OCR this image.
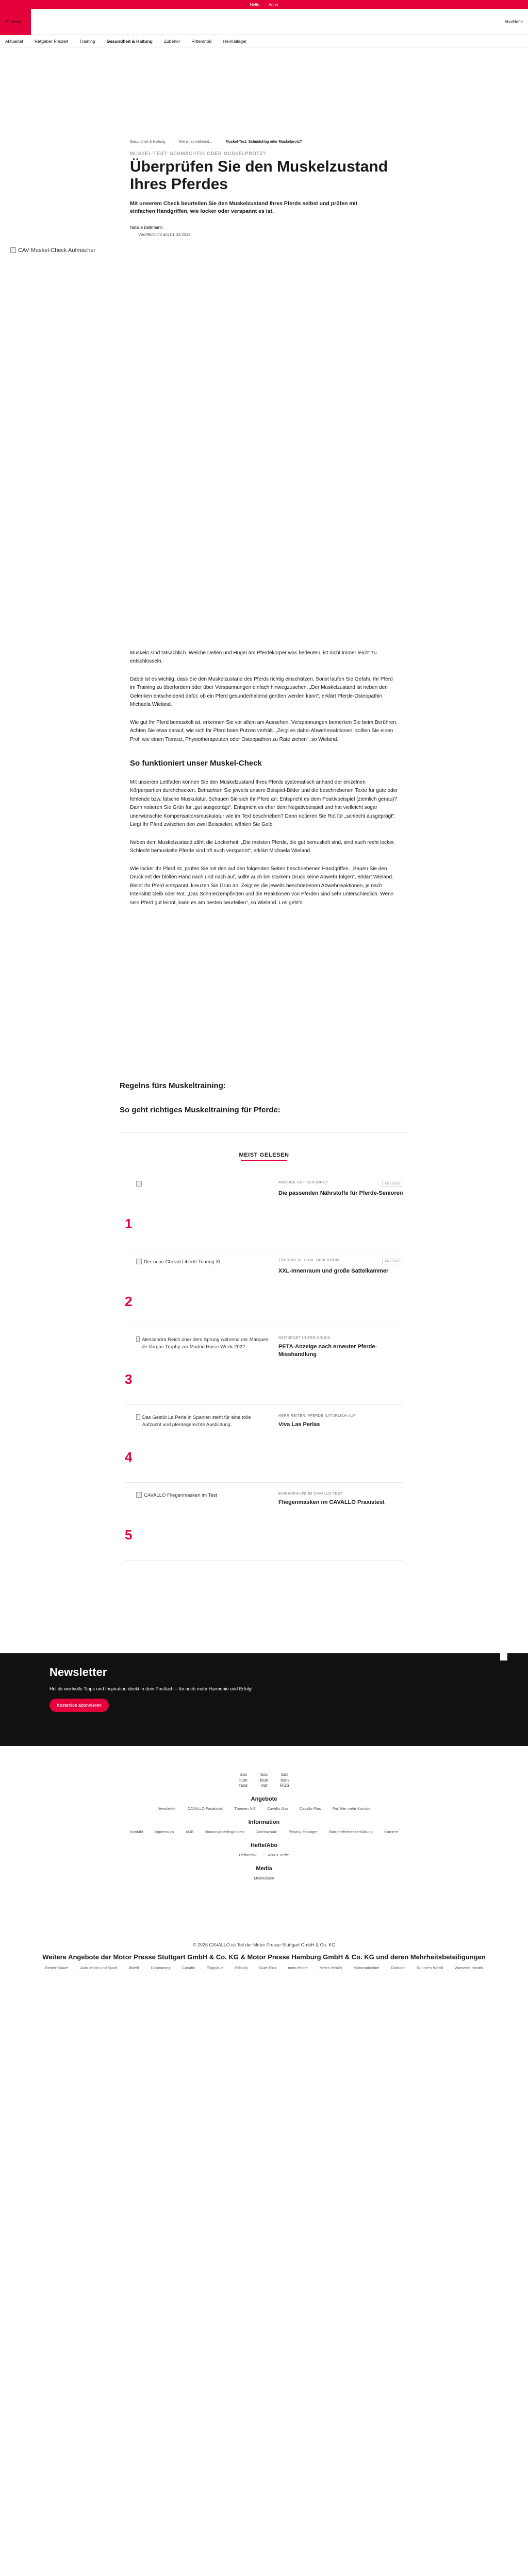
Hello Aqua
☰ Menü	Abo/Hefte
Aktualität	Ratgeber Freizeit	Training	Gesundheit & Haltung	Zubehör	Rittersnöß	Heimatlager
Gesundheit & Haltung	Wie ist es während...	Muskel-Test: Schmächtig oder Muskelprotz?
MUSKEL-TEST: SCHMÄCHTIG ODER MUSKELPROTZ?
Überprüfen Sie den Muskelzustand Ihres Pferdes

Mit unserem Check beurteilen Sie den Muskelzustand Ihres Pferds selbst und prüfen mit einfachen Handgriffen, wie locker oder verspannt es ist.

Natalie Baltrmann
Veröffentlicht am 01.03.2018
CAV Muskel-Check Aufmacher

Muskeln sind tätsächlich. Welche Dellen und Hügel am Pferdekörper was bedeuten, ist nicht immer leicht zu entschlüsseln.

Dabei ist es wichtig, dass Sie den Muskelzustand des Pferds richtig einschätzen. Sonst laufen Sie Gefahr, Ihr Pferd im Training zu überfordern oder über Verspannungen einfach hinwegzusehen. „Der Muskelzustand ist neben den Gelenken entscheidend dafür, ob ein Pferd gesunderhaltend geritten werden kann“, erklärt Pferde-Osteopathin Michaela Wieland.

Wie gut Ihr Pferd bemuskelt ist, erkennen Sie vor allem am Aussehen, Verspannungen bemerken Sie beim Berühren. Achten Sie etwa darauf, wie sich Ihr Pferd beim Putzen verhält. „Zeigt es dabei Abwehrreaktionen, sollten Sie einen Profi wie einen Tierarzt, Physiotherapeuten oder Osteopathen zu Rate ziehen“, so Wieland.

So funktioniert unser Muskel-Check

Mit unserem Leitfaden können Sie den Muskelzustand Ihres Pferds systematisch anhand der einzelnen Körperpartien durchchecken. Betrachten Sie jeweils unsere Beispiel-Bilder und die beschriebenen Texte für gute oder fehlende bzw. falsche Muskulatur. Schauen Sie sich Ihr Pferd an: Entspricht es dem Positivbeispiel (ziemlich genau)? Dann notieren Sie Grün für „gut ausgeprägt“. Entspricht es eher dem Negativbeispiel und hat vielleicht sogar unerwünschte Kompensationsmuskulatur wie im Text beschrieben? Dann notieren Sie Rot für „schlecht ausgeprägt“. Liegt Ihr Pferd zwischen den zwei Beispielen, wählen Sie Gelb.

Neben dem Muskelzustand zählt die Lockerheit. „Die meisten Pferde, die gut bemuskelt sind, sind auch recht locker. Schlecht bemuskelte Pferde sind oft auch verspannt“, erklärt Michaela Wieland.

Wie locker Ihr Pferd ist, prüfen Sie mit den auf den folgenden Seiten beschriebenen Handgriffen. „Bauen Sie den Druck mit der blöllen Hand nach und nach auf, sollte auch bei starkem Druck keine Abwehr folgen“, erklärt Wieland. Bleibt Ihr Pferd entspannt, kreuzen Sie Grün an. Zeigt es die jeweils beschriebenen Abwehrreaktionen, je nach Intensität Gelb oder Rot. „Das Schmerzempfinden und die Reaktionen von Pferden sind sehr unterschiedlich. Wenn sein Pferd gut leinnt, kann es am besten beurteilen“, so Wieland. Los geht’s.

Regelns fürs Muskeltraining:
So geht richtiges Muskeltraining für Pferde:
MEIST GELESEN
1
ANZEIGE GUT VERSORGT	ANZEIGE
Die passenden Nährstoffe für Pferde-Senioren
2
Der neue Cheval Liberté Touring XL	TOURING XL + XXL TACK ROOM	ANZEIGE
XXL-Innenraum und große Sattelkammer
3
Alessandra Reich über dem Sprung während der Marques de Vargas Trophy zur Madrid Horse Week 2022
REITSPORT UNTER DRUCK
PETA-Anzeige nach erneuter Pferde-Misshandlung
4
Das Gestüt La Perla in Spanien steht für eine tolle Aufzucht und pferdegerechte Ausbildung.
HERR REITER: PFERDE NATÜRLICH AUF
Viva Las Perlas
5
CAVALLO Fliegenmasken im Test	EINKAUFHILFE IM CAVALLO-TEST
Fliegenmasken im CAVALLO Praxistest
Newsletter
Hol dir wertvolle Tipps und Inspiration direkt in dein Postfach – für noch mehr Harmonie und Erfolg!
Kostenlos abonnieren
Soc Icon face
Soc Icon inst
Soc Icon RSS
Angebote
Newsletter	· CAVALLO Facebook	· Themen A-Z	· Cavallo Abo	· Cavallo Plus	· Fur Wer mehr Kontakt
Information
Kontakt	· Impressum	· AGB	· Nutzungsbedingungen	· Datenschutz	· Privacy Manager	· Barrierefreiheitserklärung	· Karriere
Hefte/Abo
Heftarchiv	· Abo & Hefte
Media
Mediadaten
© 2026 CAVALLO ist Teil der Motor Presse Stuttgart GmbH & Co. KG
Weitere Angebote der Motor Presse Stuttgart GmbH & Co. KG & Motor Presse Hamburg GmbH & Co. KG und deren Mehrheitsbeteiligungen
Bienen Bauer	· Auto Motor und Sport	· Bikefit	· Caravaning	· Cavallo	· Flugsäule	· Fitbook	· Gute Plus	· mein feinier	· Men's Health	· Motorradonline	· Outdoor	· Runner's World	· Women's Health
